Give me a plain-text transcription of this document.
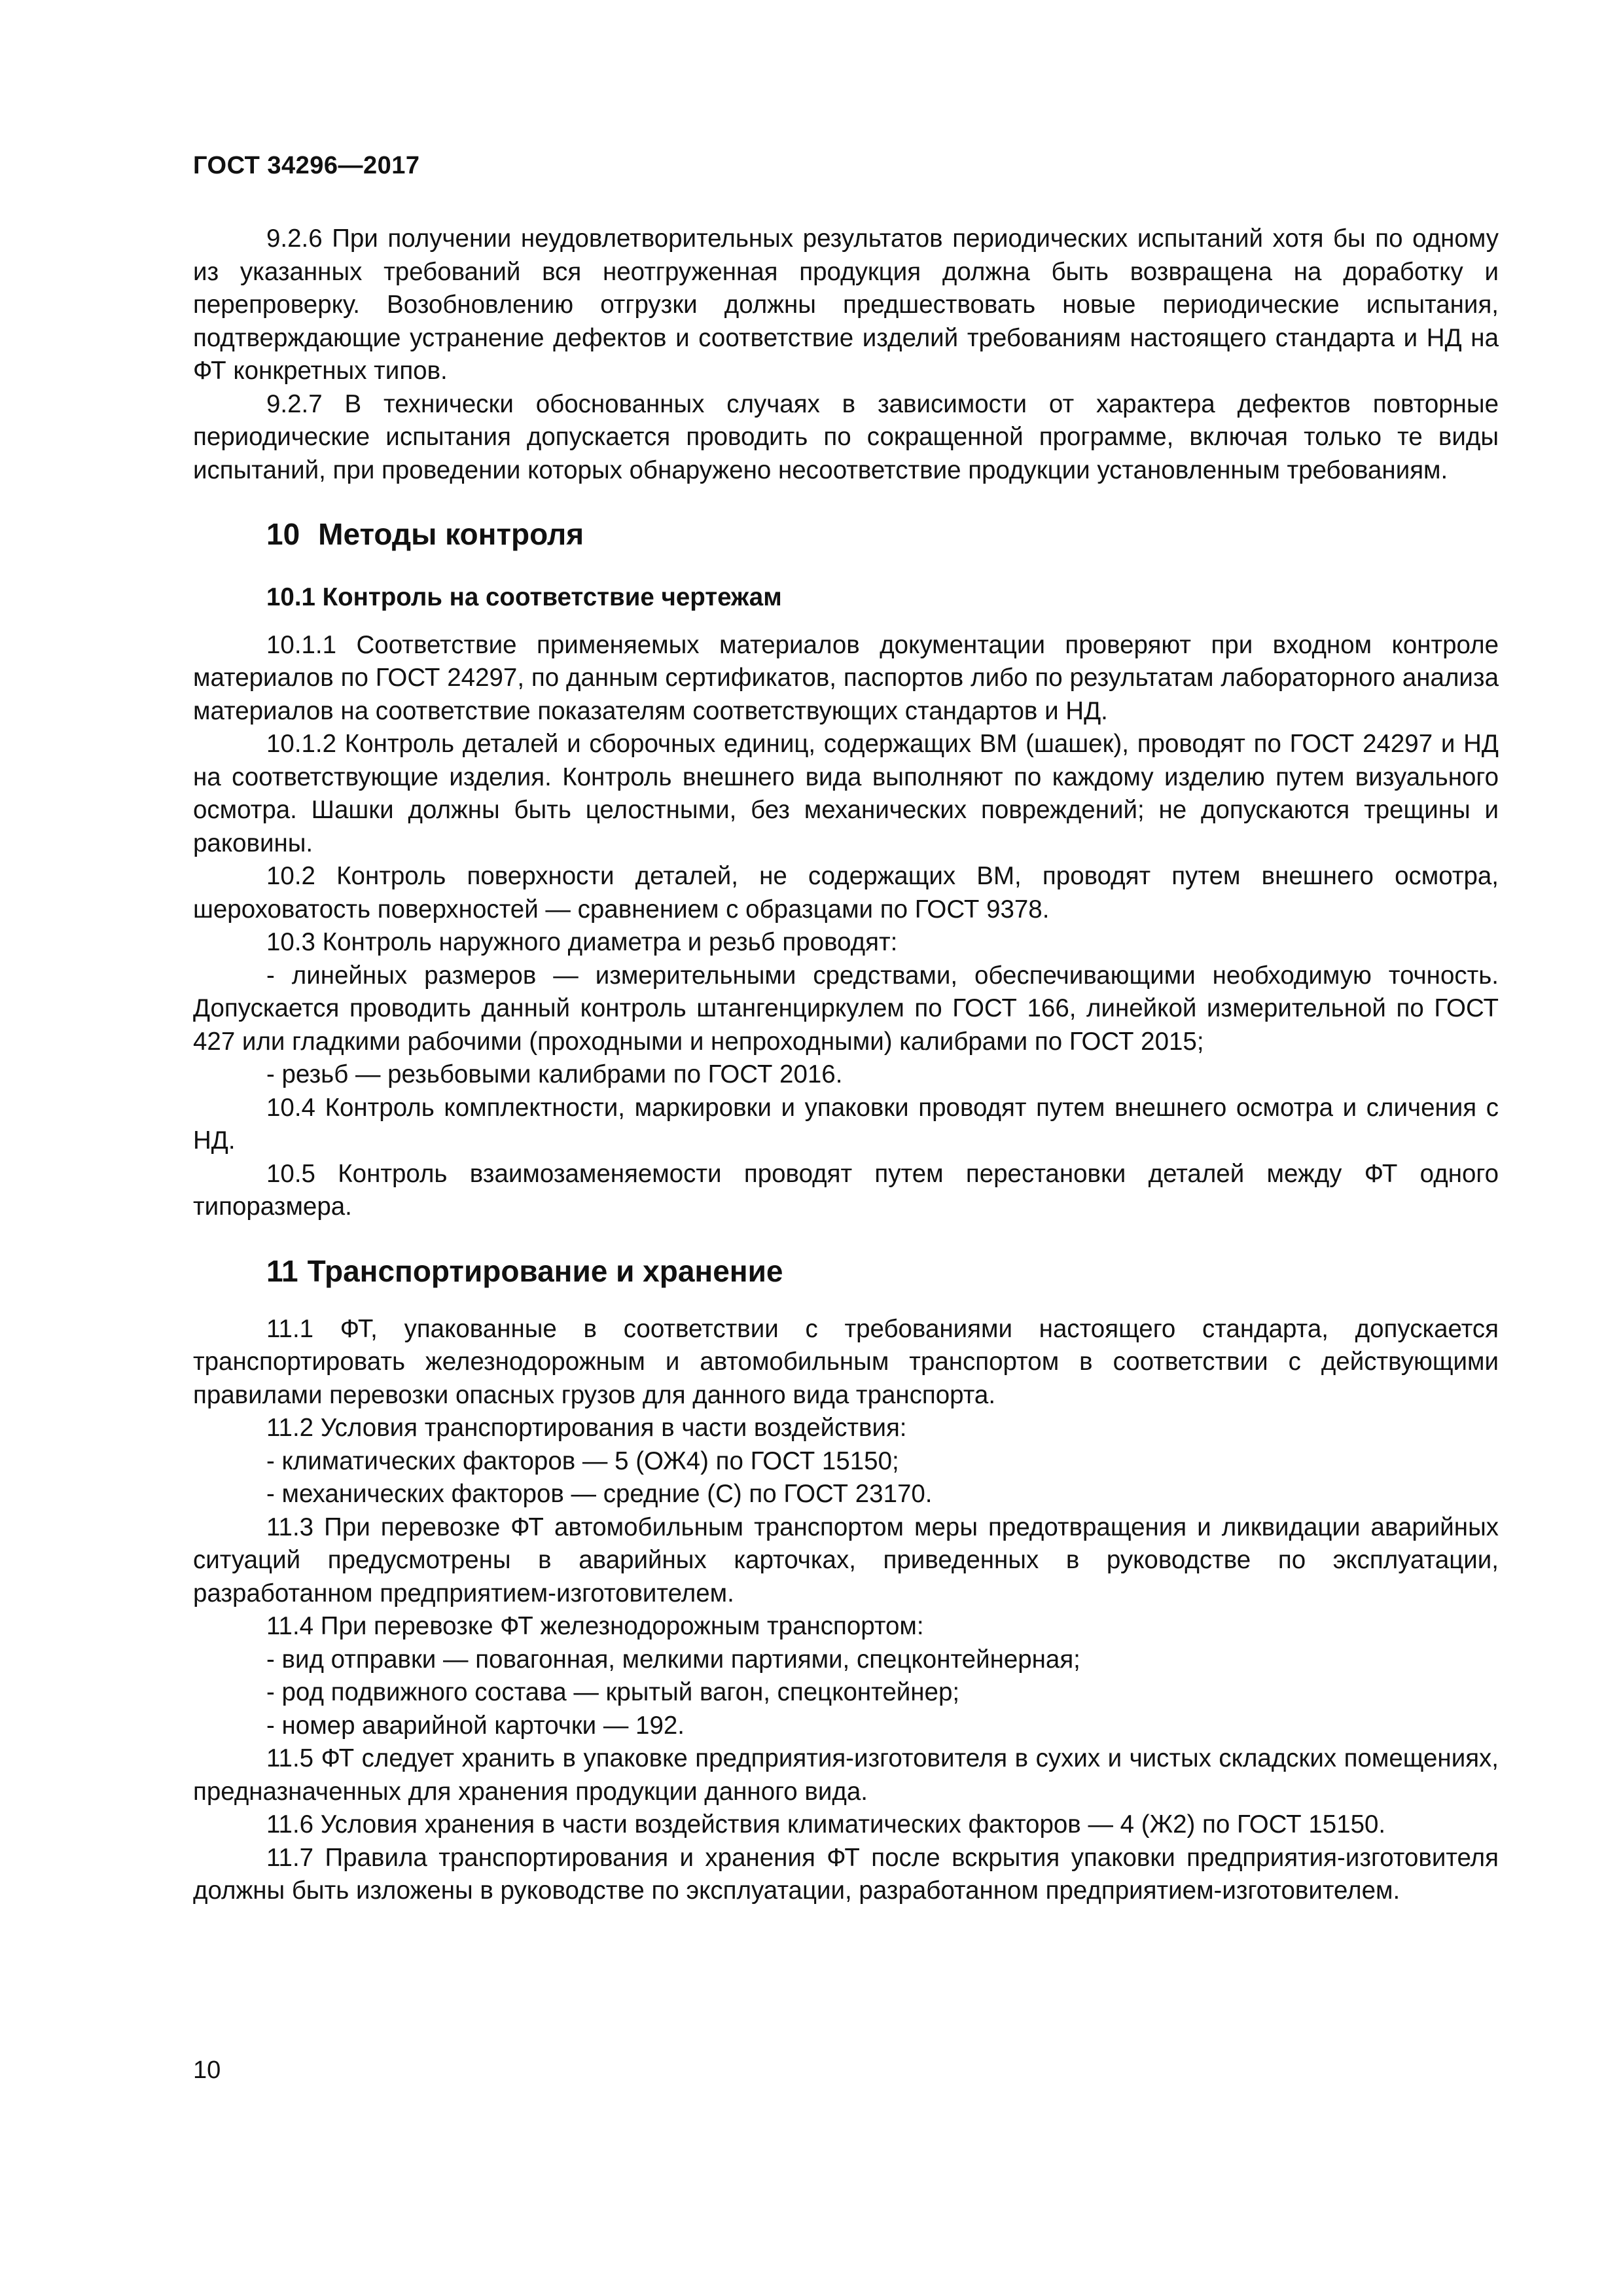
ГОСТ 34296—2017

9.2.6 При получении неудовлетворительных результатов периодических испытаний хотя бы по одному из указанных требований вся неотгруженная продукция должна быть возвращена на доработку и перепроверку. Возобновлению отгрузки должны предшествовать новые периодические испытания, подтверждающие устранение дефектов и соответствие изделий требованиям настоящего стандарта и НД на ФТ конкретных типов.

9.2.7 В технически обоснованных случаях в зависимости от характера дефектов повторные периодические испытания допускается проводить по сокращенной программе, включая только те виды испытаний, при проведении которых обнаружено несоответствие продукции установленным требованиям.

10 Методы контроля
10.1 Контроль на соответствие чертежам

10.1.1 Соответствие применяемых материалов документации проверяют при входном контроле материалов по ГОСТ 24297, по данным сертификатов, паспортов либо по результатам лабораторного анализа материалов на соответствие показателям соответствующих стандартов и НД.

10.1.2 Контроль деталей и сборочных единиц, содержащих ВМ (шашек), проводят по ГОСТ 24297 и НД на соответствующие изделия. Контроль внешнего вида выполняют по каждому изделию путем визуального осмотра. Шашки должны быть целостными, без механических повреждений; не допускаются трещины и раковины.

10.2 Контроль поверхности деталей, не содержащих ВМ, проводят путем внешнего осмотра, шероховатость поверхностей — сравнением с образцами по ГОСТ 9378.

10.3 Контроль наружного диаметра и резьб проводят:

- линейных размеров — измерительными средствами, обеспечивающими необходимую точность. Допускается проводить данный контроль штангенциркулем по ГОСТ 166, линейкой измерительной по ГОСТ 427 или гладкими рабочими (проходными и непроходными) калибрами по ГОСТ 2015;

- резьб — резьбовыми калибрами по ГОСТ 2016.

10.4 Контроль комплектности, маркировки и упаковки проводят путем внешнего осмотра и сличения с НД.

10.5 Контроль взаимозаменяемости проводят путем перестановки деталей между ФТ одного типоразмера.

11 Транспортирование и хранение

11.1 ФТ, упакованные в соответствии с требованиями настоящего стандарта, допускается транспортировать железнодорожным и автомобильным транспортом в соответствии с действующими правилами перевозки опасных грузов для данного вида транспорта.

11.2 Условия транспортирования в части воздействия:

- климатических факторов — 5 (ОЖ4) по ГОСТ 15150;

- механических факторов — средние (С) по ГОСТ 23170.

11.3 При перевозке ФТ автомобильным транспортом меры предотвращения и ликвидации аварийных ситуаций предусмотрены в аварийных карточках, приведенных в руководстве по эксплуатации, разработанном предприятием-изготовителем.

11.4 При перевозке ФТ железнодорожным транспортом:

- вид отправки — повагонная, мелкими партиями, спецконтейнерная;

- род подвижного состава — крытый вагон, спецконтейнер;

- номер аварийной карточки — 192.

11.5 ФТ следует хранить в упаковке предприятия-изготовителя в сухих и чистых складских помещениях, предназначенных для хранения продукции данного вида.

11.6 Условия хранения в части воздействия климатических факторов — 4 (Ж2) по ГОСТ 15150.

11.7 Правила транспортирования и хранения ФТ после вскрытия упаковки предприятия-изготовителя должны быть изложены в руководстве по эксплуатации, разработанном предприятием-изготовителем.

10
